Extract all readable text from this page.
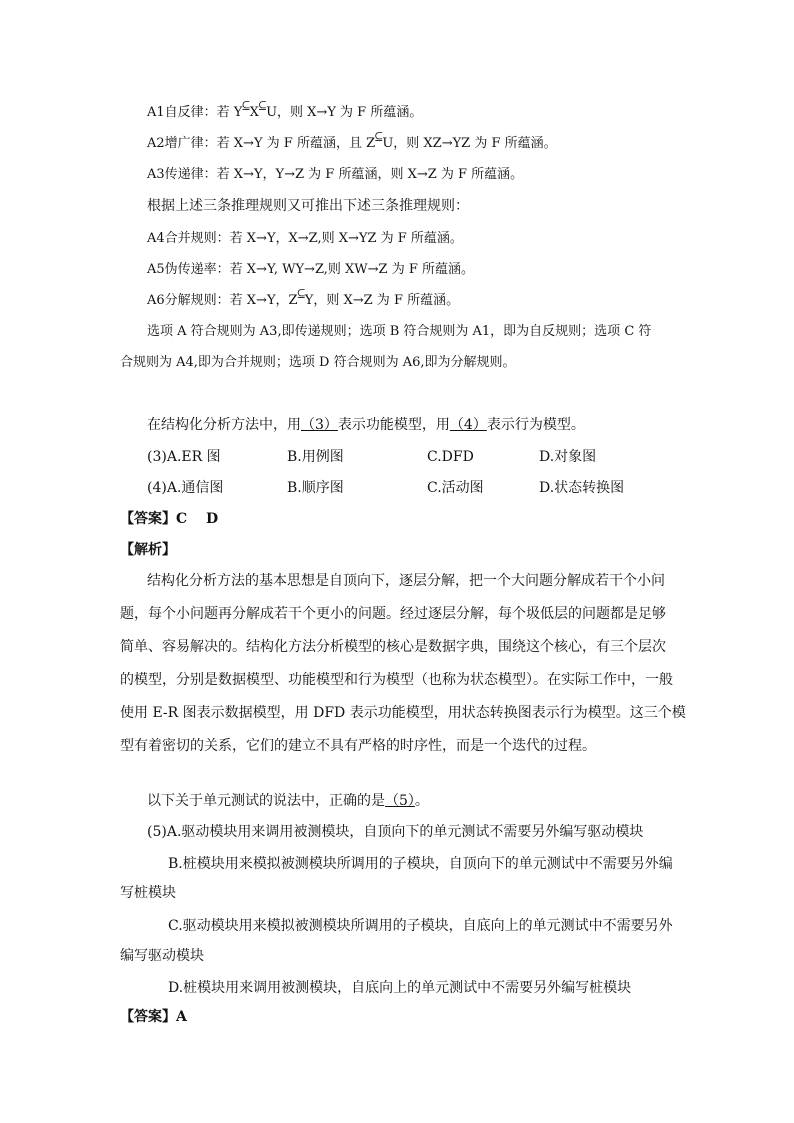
A1自反律：若 Y⊆X⊆U，则 X→Y 为 F 所蕴涵。
A2增广律：若 X→Y 为 F 所蕴涵，且 Z⊆U，则 XZ→YZ 为 F 所蕴涵。
A3传递律：若 X→Y，Y→Z 为 F 所蕴涵，则 X→Z 为 F 所蕴涵。
根据上述三条推理规则又可推出下述三条推理规则：
A4合并规则：若 X→Y，X→Z,则 X→YZ 为 F 所蕴涵。
A5伪传递率：若 X→Y, WY→Z,则 XW→Z 为 F 所蕴涵。
A6分解规则：若 X→Y，Z⊆Y，则 X→Z 为 F 所蕴涵。
选项 A 符合规则为 A3,即传递规则；选项 B 符合规则为 A1，即为自反规则；选项 C 符
合规则为 A4,即为合并规则；选项 D 符合规则为 A6,即为分解规则。
在结构化分析方法中，用（3）表示功能模型，用（4）表示行为模型。
(3)A.ER 图	B.用例图	C.DFD	D.对象图
(4)A.通信图	B.顺序图	C.活动图	D.状态转换图
【答案】C　 D
【解析】
结构化分析方法的基本思想是自顶向下，逐层分解，把一个大问题分解成若干个小问
题，每个小问题再分解成若干个更小的问题。经过逐层分解，每个圾低层的问题都是足够
简单、容易解决的。结构化方法分析模型的核心是数据字典，围绕这个核心，有三个层次
的模型，分别是数据模型、功能模型和行为模型（也称为状态模型）。在实际工作中，一般
使用 E-R 图表示数据模型，用 DFD 表示功能模型，用状态转换图表示行为模型。这三个模
型有着密切的关系，它们的建立不具有严格的时序性，而是一个迭代的过程。
以下关于单元测试的说法中，正确的是（5）。
(5)A.驱动模块用来调用被测模块，自顶向下的单元测试不需要另外编写驱动模块
B.桩模块用来模拟被测模块所调用的子模块，自顶向下的单元测试中不需要另外编
写桩模块
C.驱动模块用来模拟被测模块所调用的子模块，自底向上的单元测试中不需要另外
编写驱动模块
D.桩模块用来调用被测模块，自底向上的单元测试中不需要另外编写桩模块
【答案】A
